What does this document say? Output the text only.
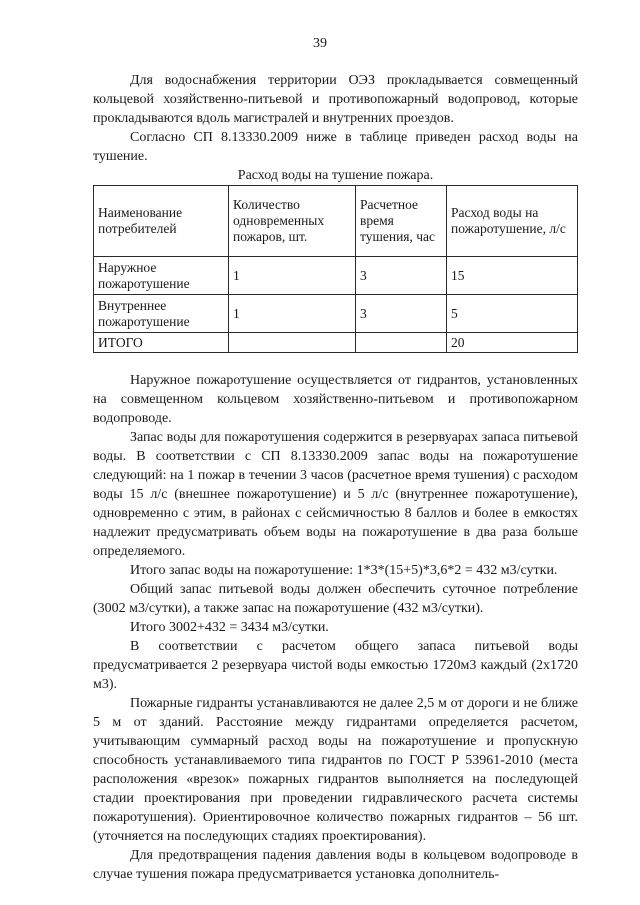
39

Для водоснабжения территории ОЭЗ прокладывается совмещенный кольцевой хозяйственно-питьевой и противопожарный водопровод, которые прокладываются вдоль магистралей и внутренних проездов.

Согласно СП 8.13330.2009 ниже в таблице приведен расход воды на тушение.

Расход воды на тушение пожара.
Наименование потребителей	Количество одновременных пожаров, шт.	Расчетное время тушения, час	Расход воды на пожаротушение, л/с
Наружное пожаротушение	1	3	15
Внутреннее пожаротушение	1	3	5
ИТОГО			20

Наружное пожаротушение осуществляется от гидрантов, установленных на совмещенном кольцевом хозяйственно-питьевом и противопожарном водопроводе.

Запас воды для пожаротушения содержится в резервуарах запаса питьевой воды. В соответствии с СП 8.13330.2009 запас воды на пожаротушение следующий: на 1 пожар в течении 3 часов (расчетное время тушения) с расходом воды 15 л/с (внешнее пожаротушение) и 5 л/с (внутреннее пожаротушение), одновременно с этим, в районах с сейсмичностью 8 баллов и более в емкостях надлежит предусматривать объем воды на пожаротушение в два раза больше определяемого.

Итого запас воды на пожаротушение: 1*3*(15+5)*3,6*2 = 432 м3/сутки.

Общий запас питьевой воды должен обеспечить суточное потребление (3002 м3/сутки), а также запас на пожаротушение (432 м3/сутки).

Итого 3002+432 = 3434 м3/сутки.

В соответствии с расчетом общего запаса питьевой воды предусматривается 2 резервуара чистой воды емкостью 1720м3 каждый (2х1720 м3).

Пожарные гидранты устанавливаются не далее 2,5 м от дороги и не ближе 5 м от зданий. Расстояние между гидрантами определяется расчетом, учитывающим суммарный расход воды на пожаротушение и пропускную способность устанавливаемого типа гидрантов по ГОСТ Р 53961-2010 (места расположения «врезок» пожарных гидрантов выполняется на последующей стадии проектирования при проведении гидравлического расчета системы пожаротушения). Ориентировочное количество пожарных гидрантов – 56 шт. (уточняется на последующих стадиях проектирования).

Для предотвращения падения давления воды в кольцевом водопроводе в случае тушения пожара предусматривается установка дополнитель-
